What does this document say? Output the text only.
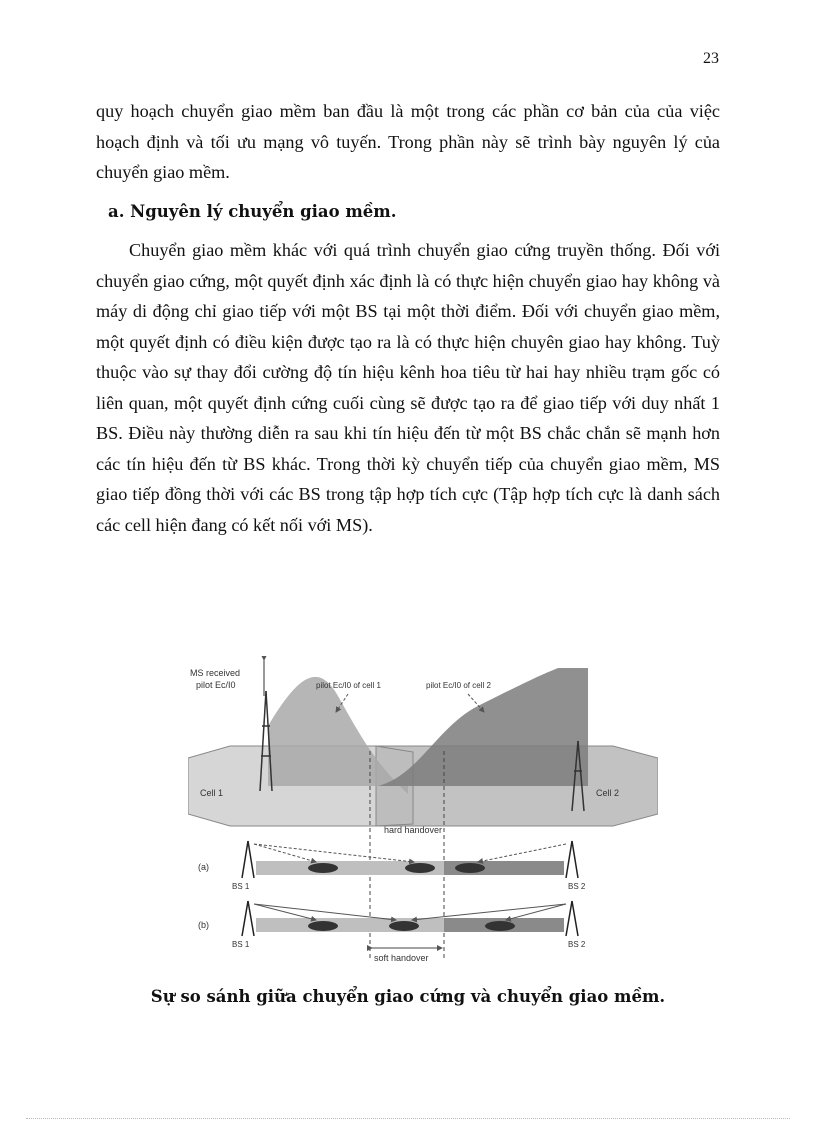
23

quy hoạch chuyển giao mềm ban đầu là một trong các phần cơ bản của của việc hoạch định và tối ưu mạng vô tuyến. Trong phần này sẽ trình bày nguyên lý của chuyển giao mềm.

a. Nguyên lý chuyển giao mềm.

Chuyển giao mềm khác với quá trình chuyển giao cứng truyền thống. Đối với chuyển giao cứng, một quyết định xác định là có thực hiện chuyển giao hay không và máy di động chỉ giao tiếp với một BS tại một thời điểm. Đối với chuyển giao mềm, một quyết định có điều kiện được tạo ra là có thực hiện chuyên giao hay không. Tuỳ thuộc vào sự thay đổi cường độ tín hiệu kênh hoa tiêu từ hai hay nhiều trạm gốc có liên quan, một quyết định cứng cuối cùng sẽ được tạo ra để giao tiếp với duy nhất 1 BS. Điều này thường diễn ra sau khi tín hiệu đến từ một BS chắc chắn sẽ mạnh hơn các tín hiệu đến từ BS khác. Trong thời kỳ chuyển tiếp của chuyển giao mềm, MS giao tiếp đồng thời với các BS trong tập hợp tích cực (Tập hợp tích cực là danh sách các cell hiện đang có kết nối với MS).

MS received
pilot Ec/I0	pilot Ec/I0 of cell 1	pilot Ec/I0 of cell 2
Cell 1	Cell 2
hard handover
(a)
BS 1	BS 2
(b)
BS 1	BS 2
soft handover

Sự so sánh giữa chuyển giao cứng và chuyển giao mềm.
